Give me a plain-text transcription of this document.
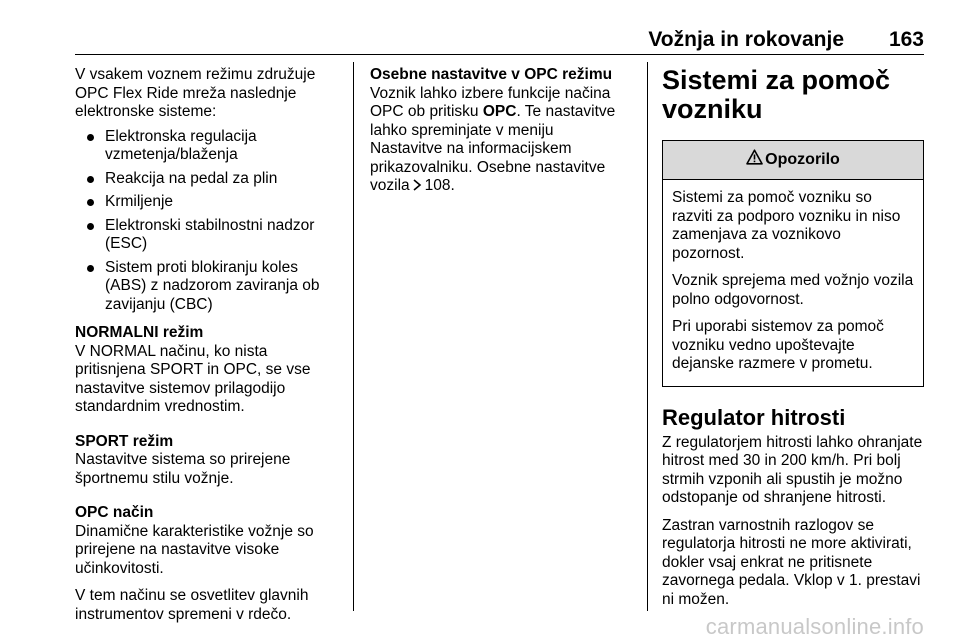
Vožnja in rokovanje 163

V vsakem voznem režimu združuje OPC Flex Ride mreža naslednje elektronske sisteme:

Elektronska regulacija vzmetenja/blaženja
Reakcija na pedal za plin
Krmiljenje
Elektronski stabilnostni nadzor (ESC)
Sistem proti blokiranju koles (ABS) z nadzorom zaviranja ob zavijanju (CBC)

NORMALNI režim

V NORMAL načinu, ko nista pritisnjena SPORT in OPC, se vse nastavitve sistemov prilagodijo standardnim vrednostim.

SPORT režim

Nastavitve sistema so prirejene športnemu stilu vožnje.

OPC način

Dinamične karakteristike vožnje so prirejene na nastavitve visoke učinkovitosti.

V tem načinu se osvetlitev glavnih instrumentov spremeni v rdečo.

Osebne nastavitve v OPC režimu

Voznik lahko izbere funkcije načina OPC ob pritisku OPC. Te nastavitve lahko spreminjate v meniju Nastavitve na informacijskem prikazovalniku. Osebne nastavitve vozila 108.

Sistemi za pomoč vozniku
Opozorilo

Sistemi za pomoč vozniku so razviti za podporo vozniku in niso zamenjava za voznikovo pozornost.

Voznik sprejema med vožnjo vozila polno odgovornost.

Pri uporabi sistemov za pomoč vozniku vedno upoštevajte dejanske razmere v prometu.

Regulator hitrosti

Z regulatorjem hitrosti lahko ohranjate hitrost med 30 in 200 km/h. Pri bolj strmih vzponih ali spustih je možno odstopanje od shranjene hitrosti.

Zastran varnostnih razlogov se regulatorja hitrosti ne more aktivirati, dokler vsaj enkrat ne pritisnete zavornega pedala. Vklop v 1. prestavi ni možen.

carmanualsonline.info
